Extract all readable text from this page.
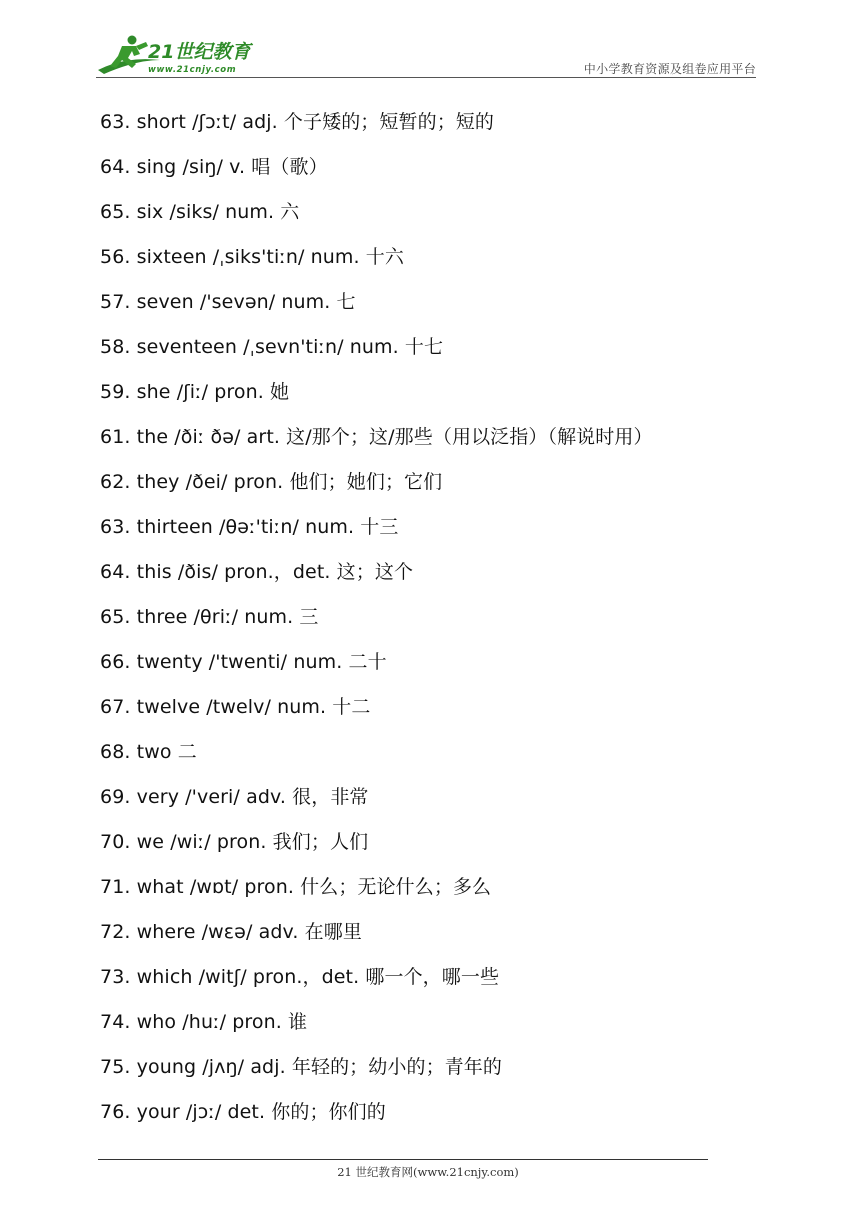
21世纪教育
www.21cnjy.com	中小学教育资源及组卷应用平台
63. short /ʃɔːt/ adj. 个子矮的；短暂的；短的
64. sing /siŋ/ v. 唱（歌）
65. six /siks/ num. 六
56. sixteen /ˌsiks'tiːn/ num. 十六
57. seven /'sevən/ num. 七
58. seventeen /ˌsevn'tiːn/ num. 十七
59. she /ʃiː/ pron. 她
61. the /ðiː ðə/ art. 这/那个；这/那些（用以泛指）（解说时用）
62. they /ðei/ pron. 他们；她们；它们
63. thirteen /θəː'tiːn/ num. 十三
64. this /ðis/ pron.，det. 这；这个
65. three /θriː/ num. 三
66. twenty /'twenti/ num. 二十
67. twelve /twelv/ num. 十二
68. two 二
69. very /'veri/ adv. 很，非常
70. we /wiː/ pron. 我们；人们
71. what /wɒt/ pron. 什么；无论什么；多么
72. where /wεə/ adv. 在哪里
73. which /witʃ/ pron.，det. 哪一个，哪一些
74. who /huː/ pron. 谁
75. young /jʌŋ/ adj. 年轻的；幼小的；青年的
76. your /jɔː/ det. 你的；你们的
21 世纪教育网(www.21cnjy.com)
